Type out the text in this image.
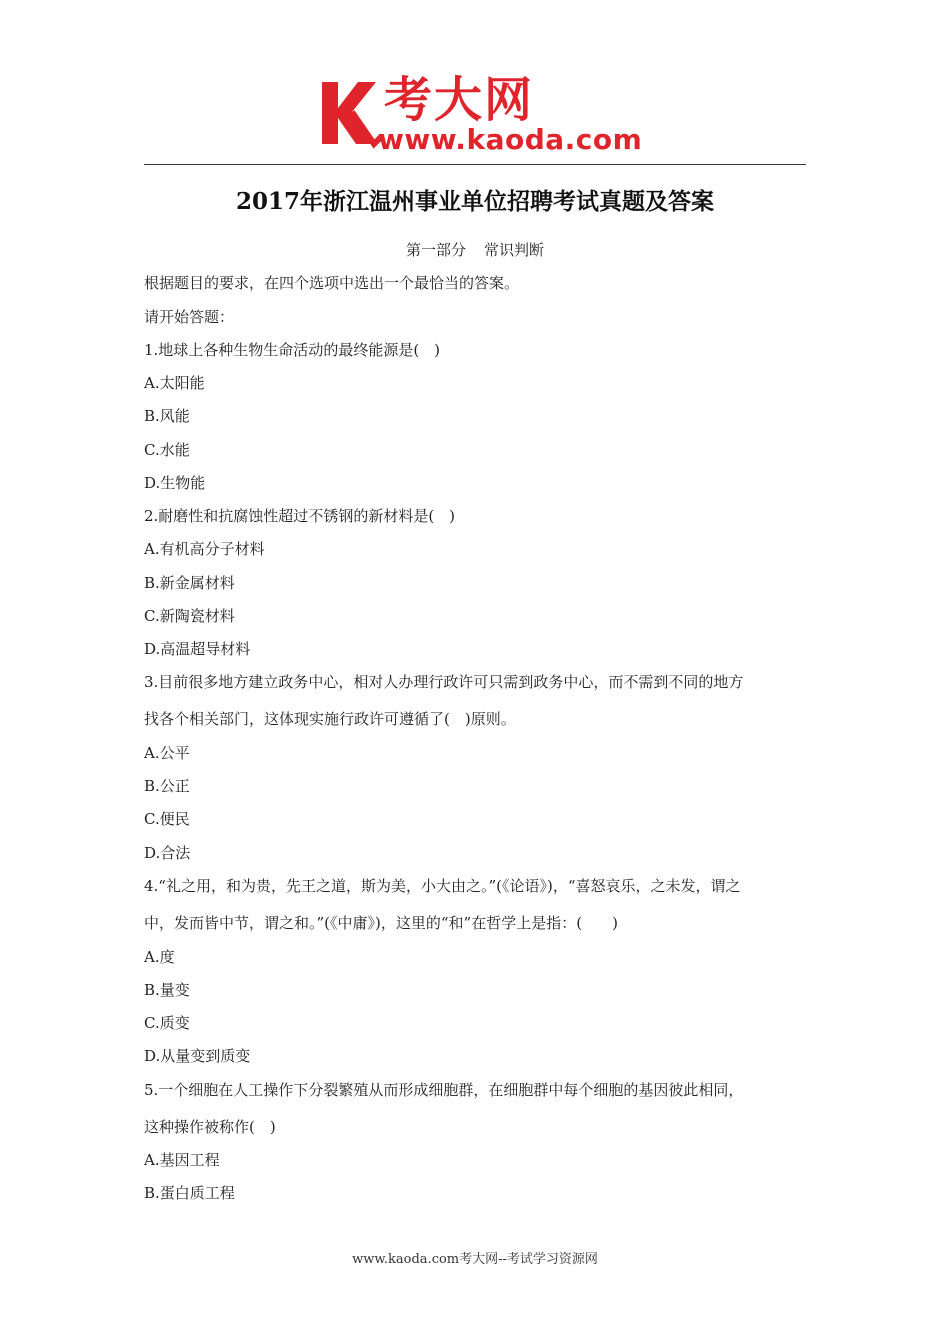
考大网
www.kaoda.com
2017年浙江温州事业单位招聘考试真题及答案
第一部分 常识判断
根据题目的要求，在四个选项中选出一个最恰当的答案。
请开始答题：
1.地球上各种生物生命活动的最终能源是(　)
A.太阳能
B.风能
C.水能
D.生物能
2.耐磨性和抗腐蚀性超过不锈钢的新材料是(　)
A.有机高分子材料
B.新金属材料
C.新陶瓷材料
D.高温超导材料
3.目前很多地方建立政务中心，相对人办理行政许可只需到政务中心，而不需到不同的地方
找各个相关部门，这体现实施行政许可遵循了(　)原则。
A.公平
B.公正
C.便民
D.合法
4.“礼之用，和为贵，先王之道，斯为美，小大由之。”(《论语》)，“喜怒哀乐，之未发，谓之
中，发而皆中节，谓之和。”(《中庸》)，这里的“和”在哲学上是指：(　　)
A.度
B.量变
C.质变
D.从量变到质变
5.一个细胞在人工操作下分裂繁殖从而形成细胞群，在细胞群中每个细胞的基因彼此相同，
这种操作被称作(　)
A.基因工程
B.蛋白质工程
www.kaoda.com考大网--考试学习资源网
